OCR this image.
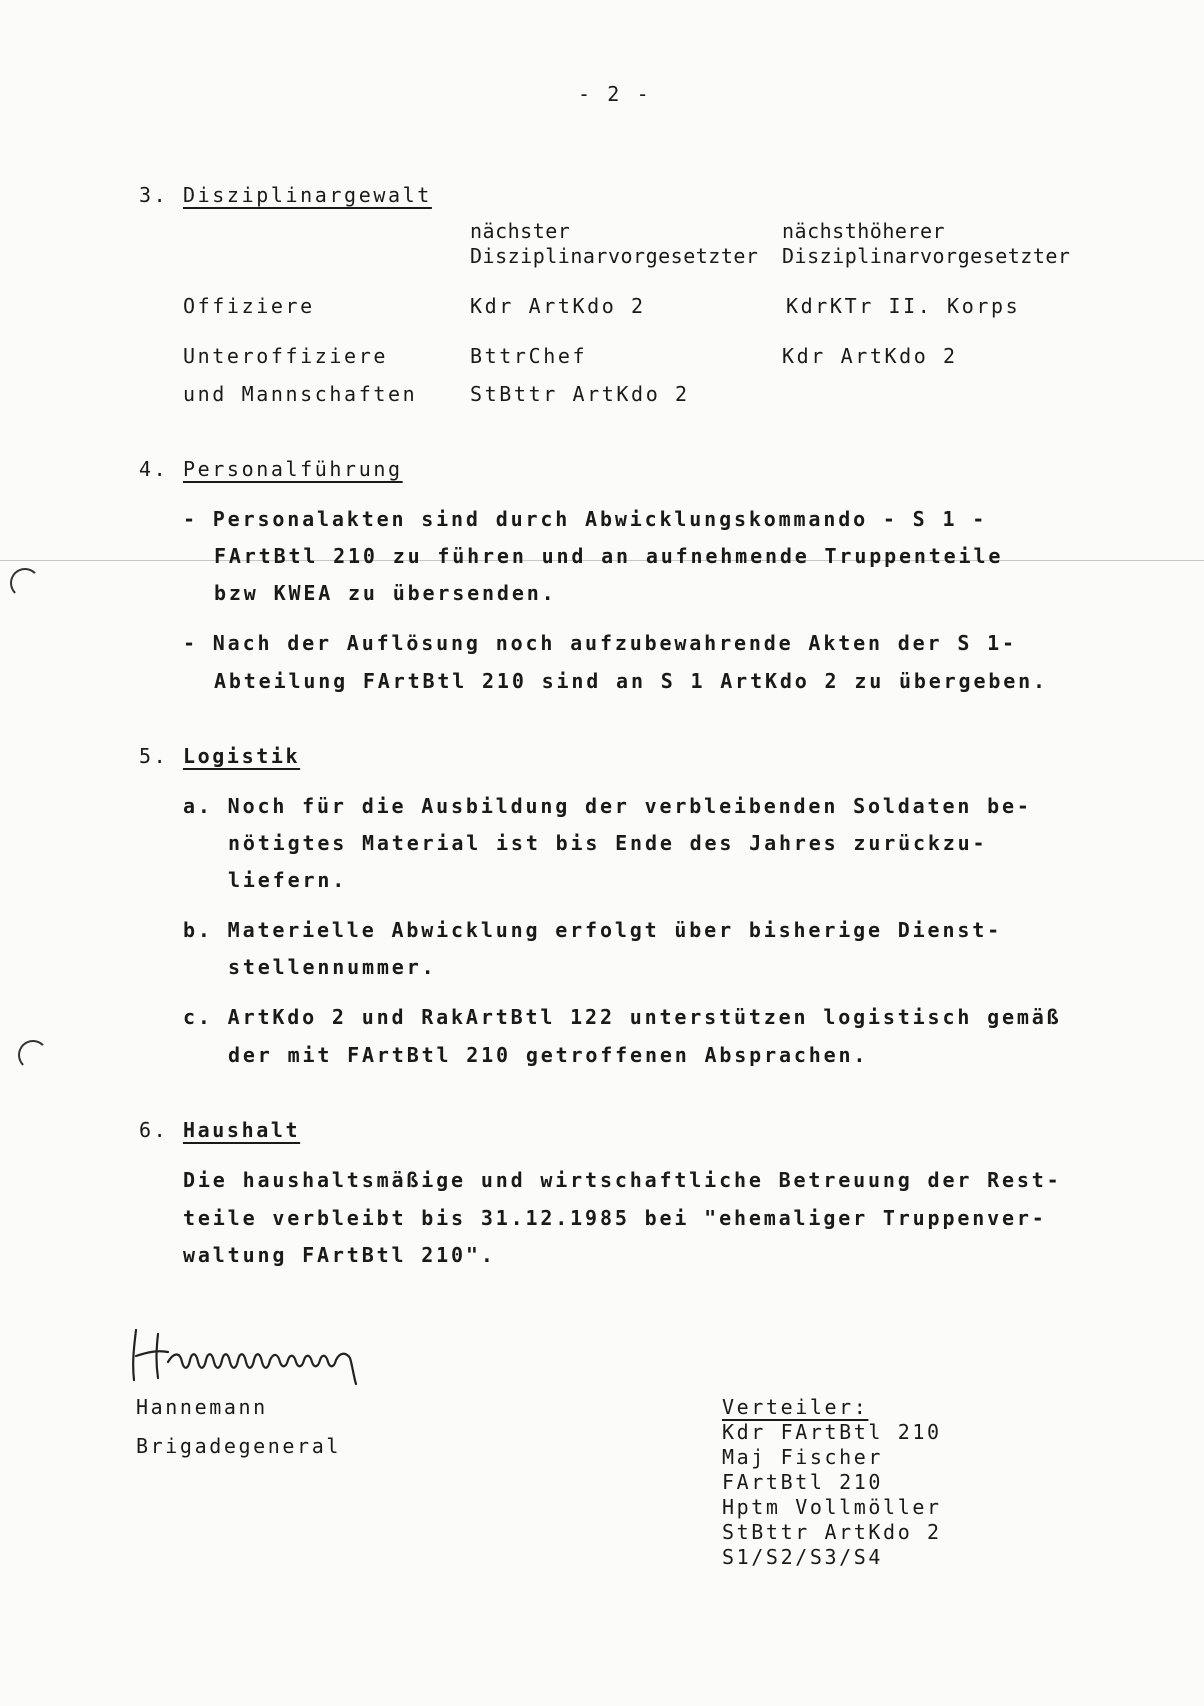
- 2 -
3. Disziplinargewalt
nächster
Disziplinarvorgesetzter
nächsthöherer
Disziplinarvorgesetzter
Offiziere	Kdr ArtKdo 2	KdrKTr II. Korps
Unteroffiziere
und Mannschaften
BttrChef
StBttr ArtKdo 2
Kdr ArtKdo 2
4. Personalführung
- Personalakten sind durch Abwicklungskommando - S 1 -
FArtBtl 210 zu führen und an aufnehmende Truppenteile
bzw KWEA zu übersenden.
- Nach der Auflösung noch aufzubewahrende Akten der S 1-
Abteilung FArtBtl 210 sind an S 1 ArtKdo 2 zu übergeben.
5. Logistik
a. Noch für die Ausbildung der verbleibenden Soldaten be-
nötigtes Material ist bis Ende des Jahres zurückzu-
liefern.
b. Materielle Abwicklung erfolgt über bisherige Dienst-
stellennummer.
c. ArtKdo 2 und RakArtBtl 122 unterstützen logistisch gemäß
der mit FArtBtl 210 getroffenen Absprachen.
6. Haushalt
Die haushaltsmäßige und wirtschaftliche Betreuung der Rest-
teile verbleibt bis 31.12.1985 bei "ehemaliger Truppenver-
waltung FArtBtl 210".
Hannemann
Brigadegeneral
Verteiler:
Kdr FArtBtl 210
Maj Fischer
FArtBtl 210
Hptm Vollmöller
StBttr ArtKdo 2
S1/S2/S3/S4
